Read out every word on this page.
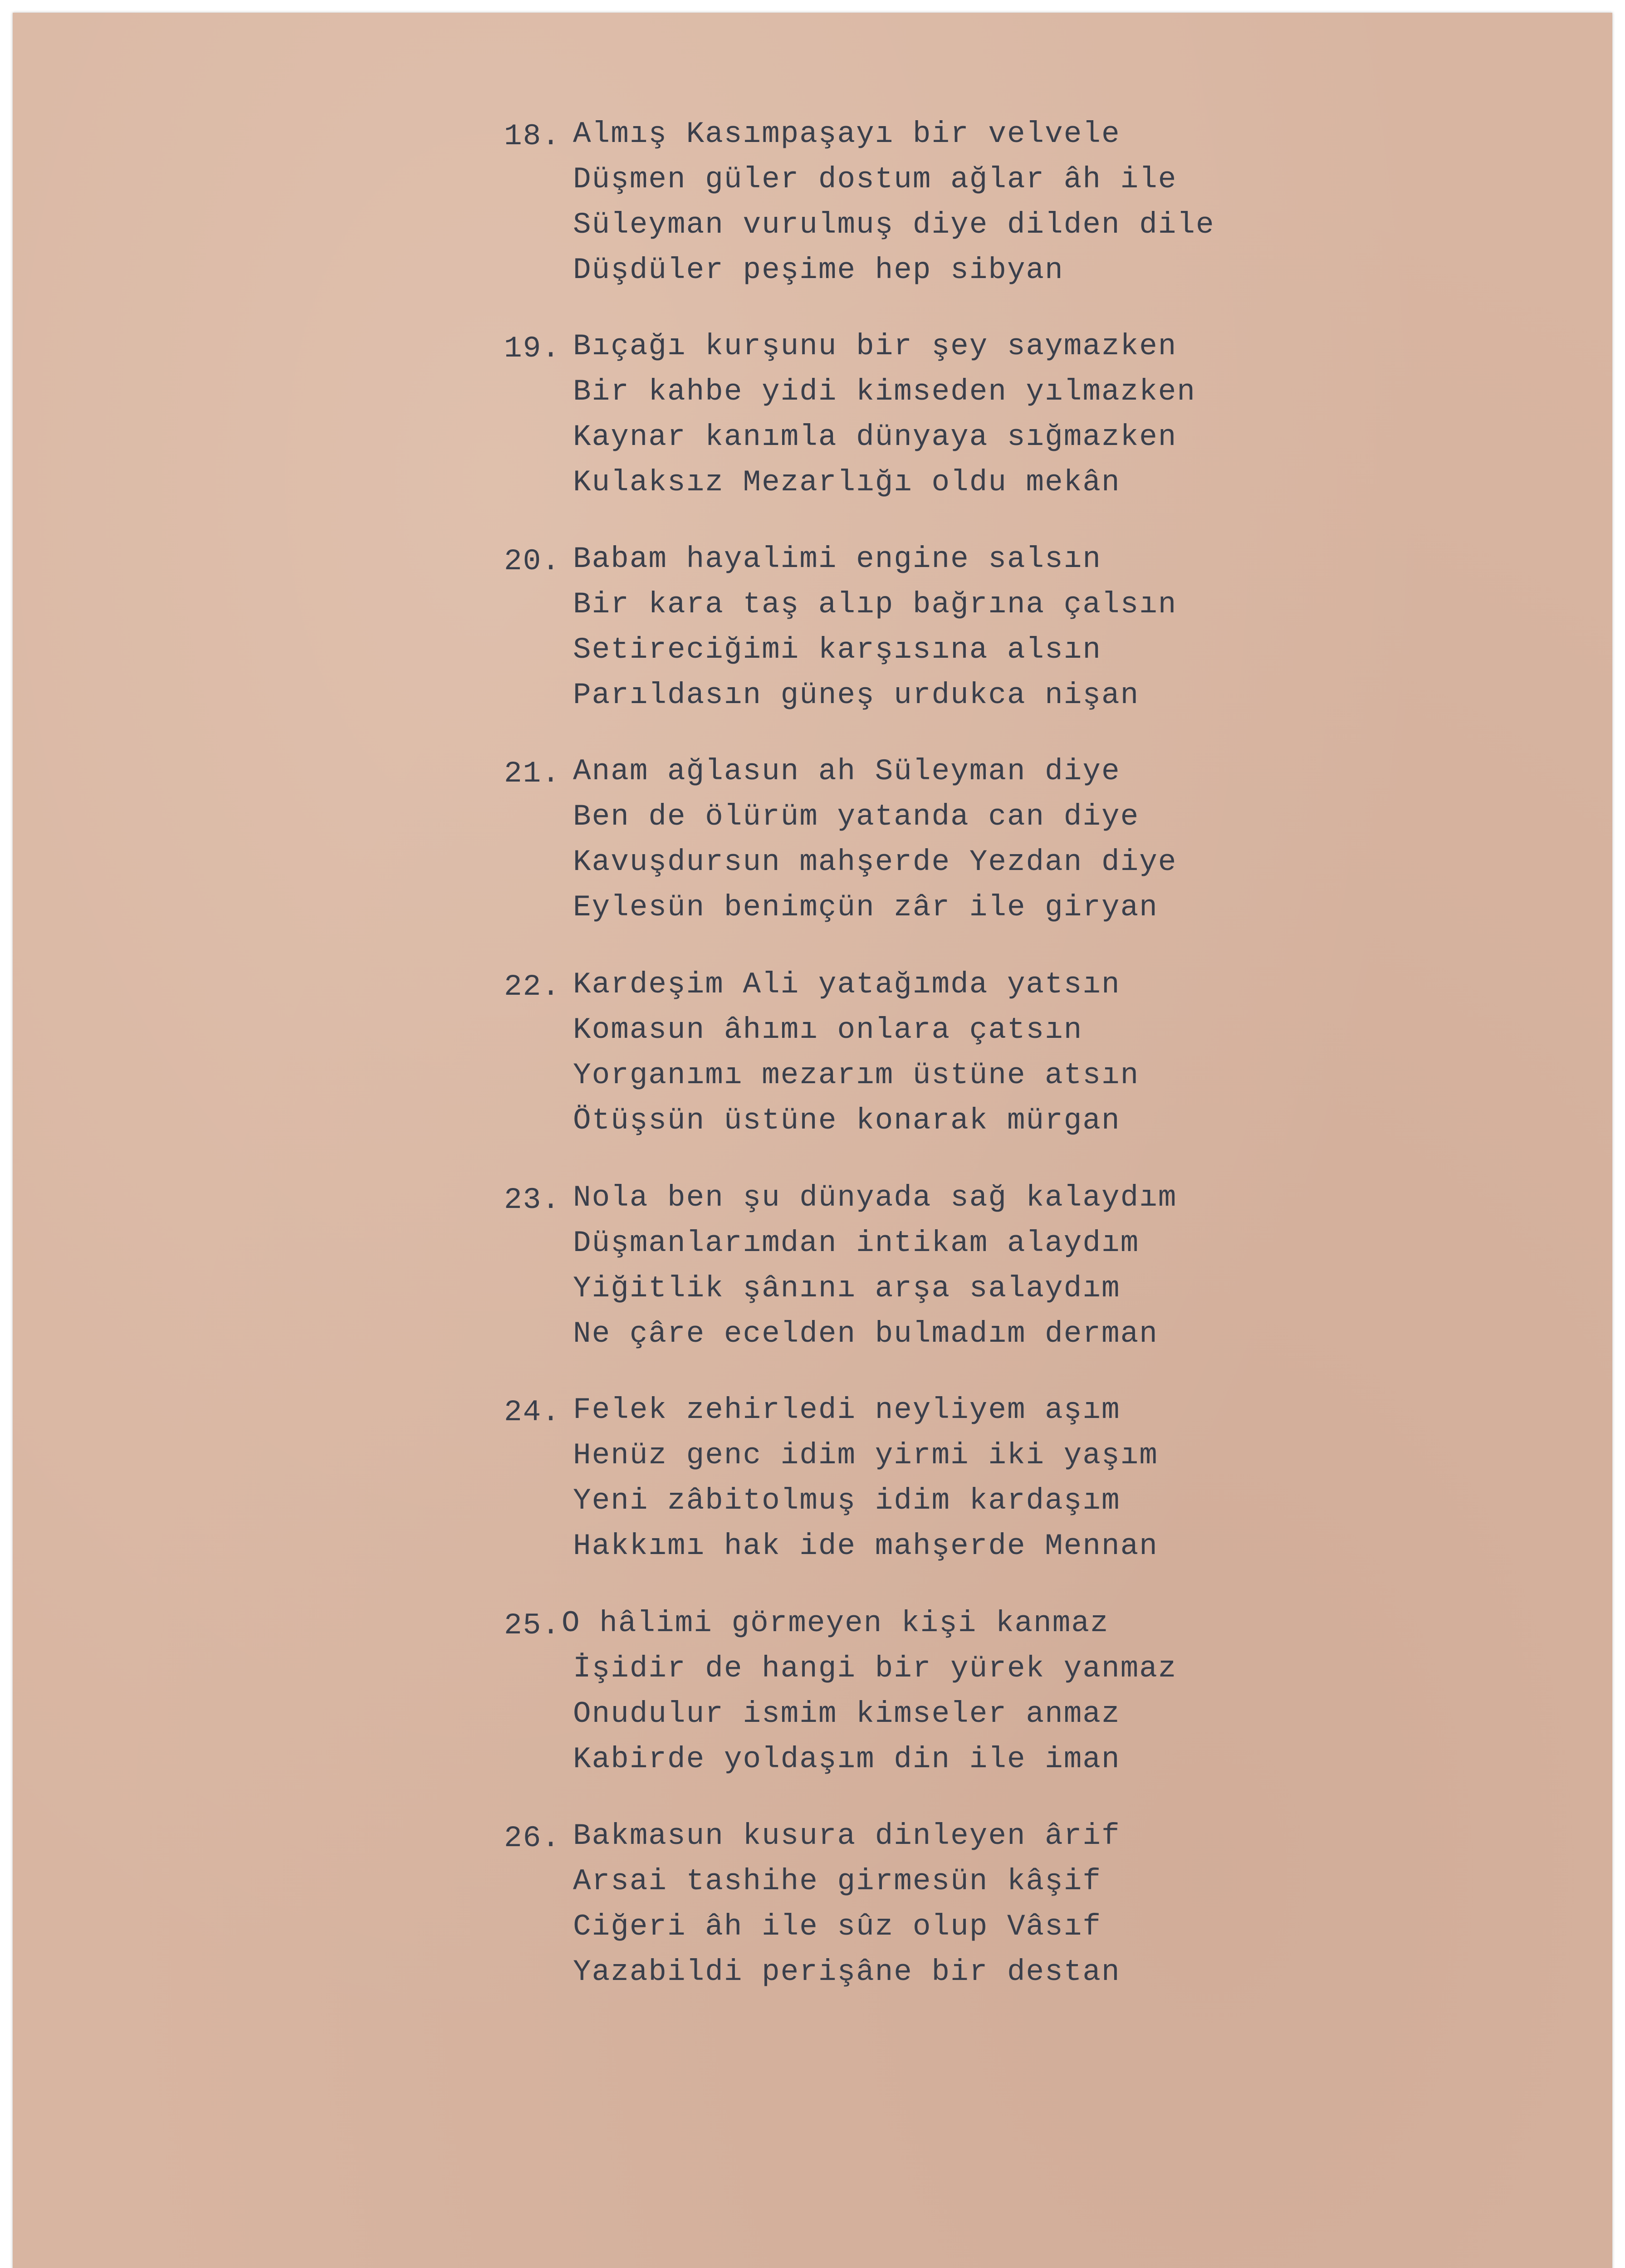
18. Almış Kasımpaşayı bir velvele
Düşmen güler dostum ağlar âh ile
Süleyman vurulmuş diye dilden dile
Düşdüler peşime hep sibyan
19. Bıçağı kurşunu bir şey saymazken
Bir kahbe yidi kimseden yılmazken
Kaynar kanımla dünyaya sığmazken
Kulaksız Mezarlığı oldu mekân
20. Babam hayalimi engine salsın
Bir kara taş alıp bağrına çalsın
Setireciğimi karşısına alsın
Parıldasın güneş urdukca nişan
21. Anam ağlasun ah Süleyman diye
Ben de ölürüm yatanda can diye
Kavuşdursun mahşerde Yezdan diye
Eylesün benimçün zâr ile giryan
22. Kardeşim Ali yatağımda yatsın
Komasun âhımı onlara çatsın
Yorganımı mezarım üstüne atsın
Ötüşsün üstüne konarak mürgan
23. Nola ben şu dünyada sağ kalaydım
Düşmanlarımdan intikam alaydım
Yiğitlik şânını arşa salaydım
Ne çâre ecelden bulmadım derman
24. Felek zehirledi neyliyem aşım
Henüz genc idim yirmi iki yaşım
Yeni zâbitolmuş idim kardaşım
Hakkımı hak ide mahşerde Mennan
25. O hâlimi görmeyen kişi kanmaz
İşidir de hangi bir yürek yanmaz
Onudulur ismim kimseler anmaz
Kabirde yoldaşım din ile iman
26. Bakmasun kusura dinleyen ârif
Arsai tashihe girmesün kâşif
Ciğeri âh ile sûz olup Vâsıf
Yazabildi perişâne bir destan
